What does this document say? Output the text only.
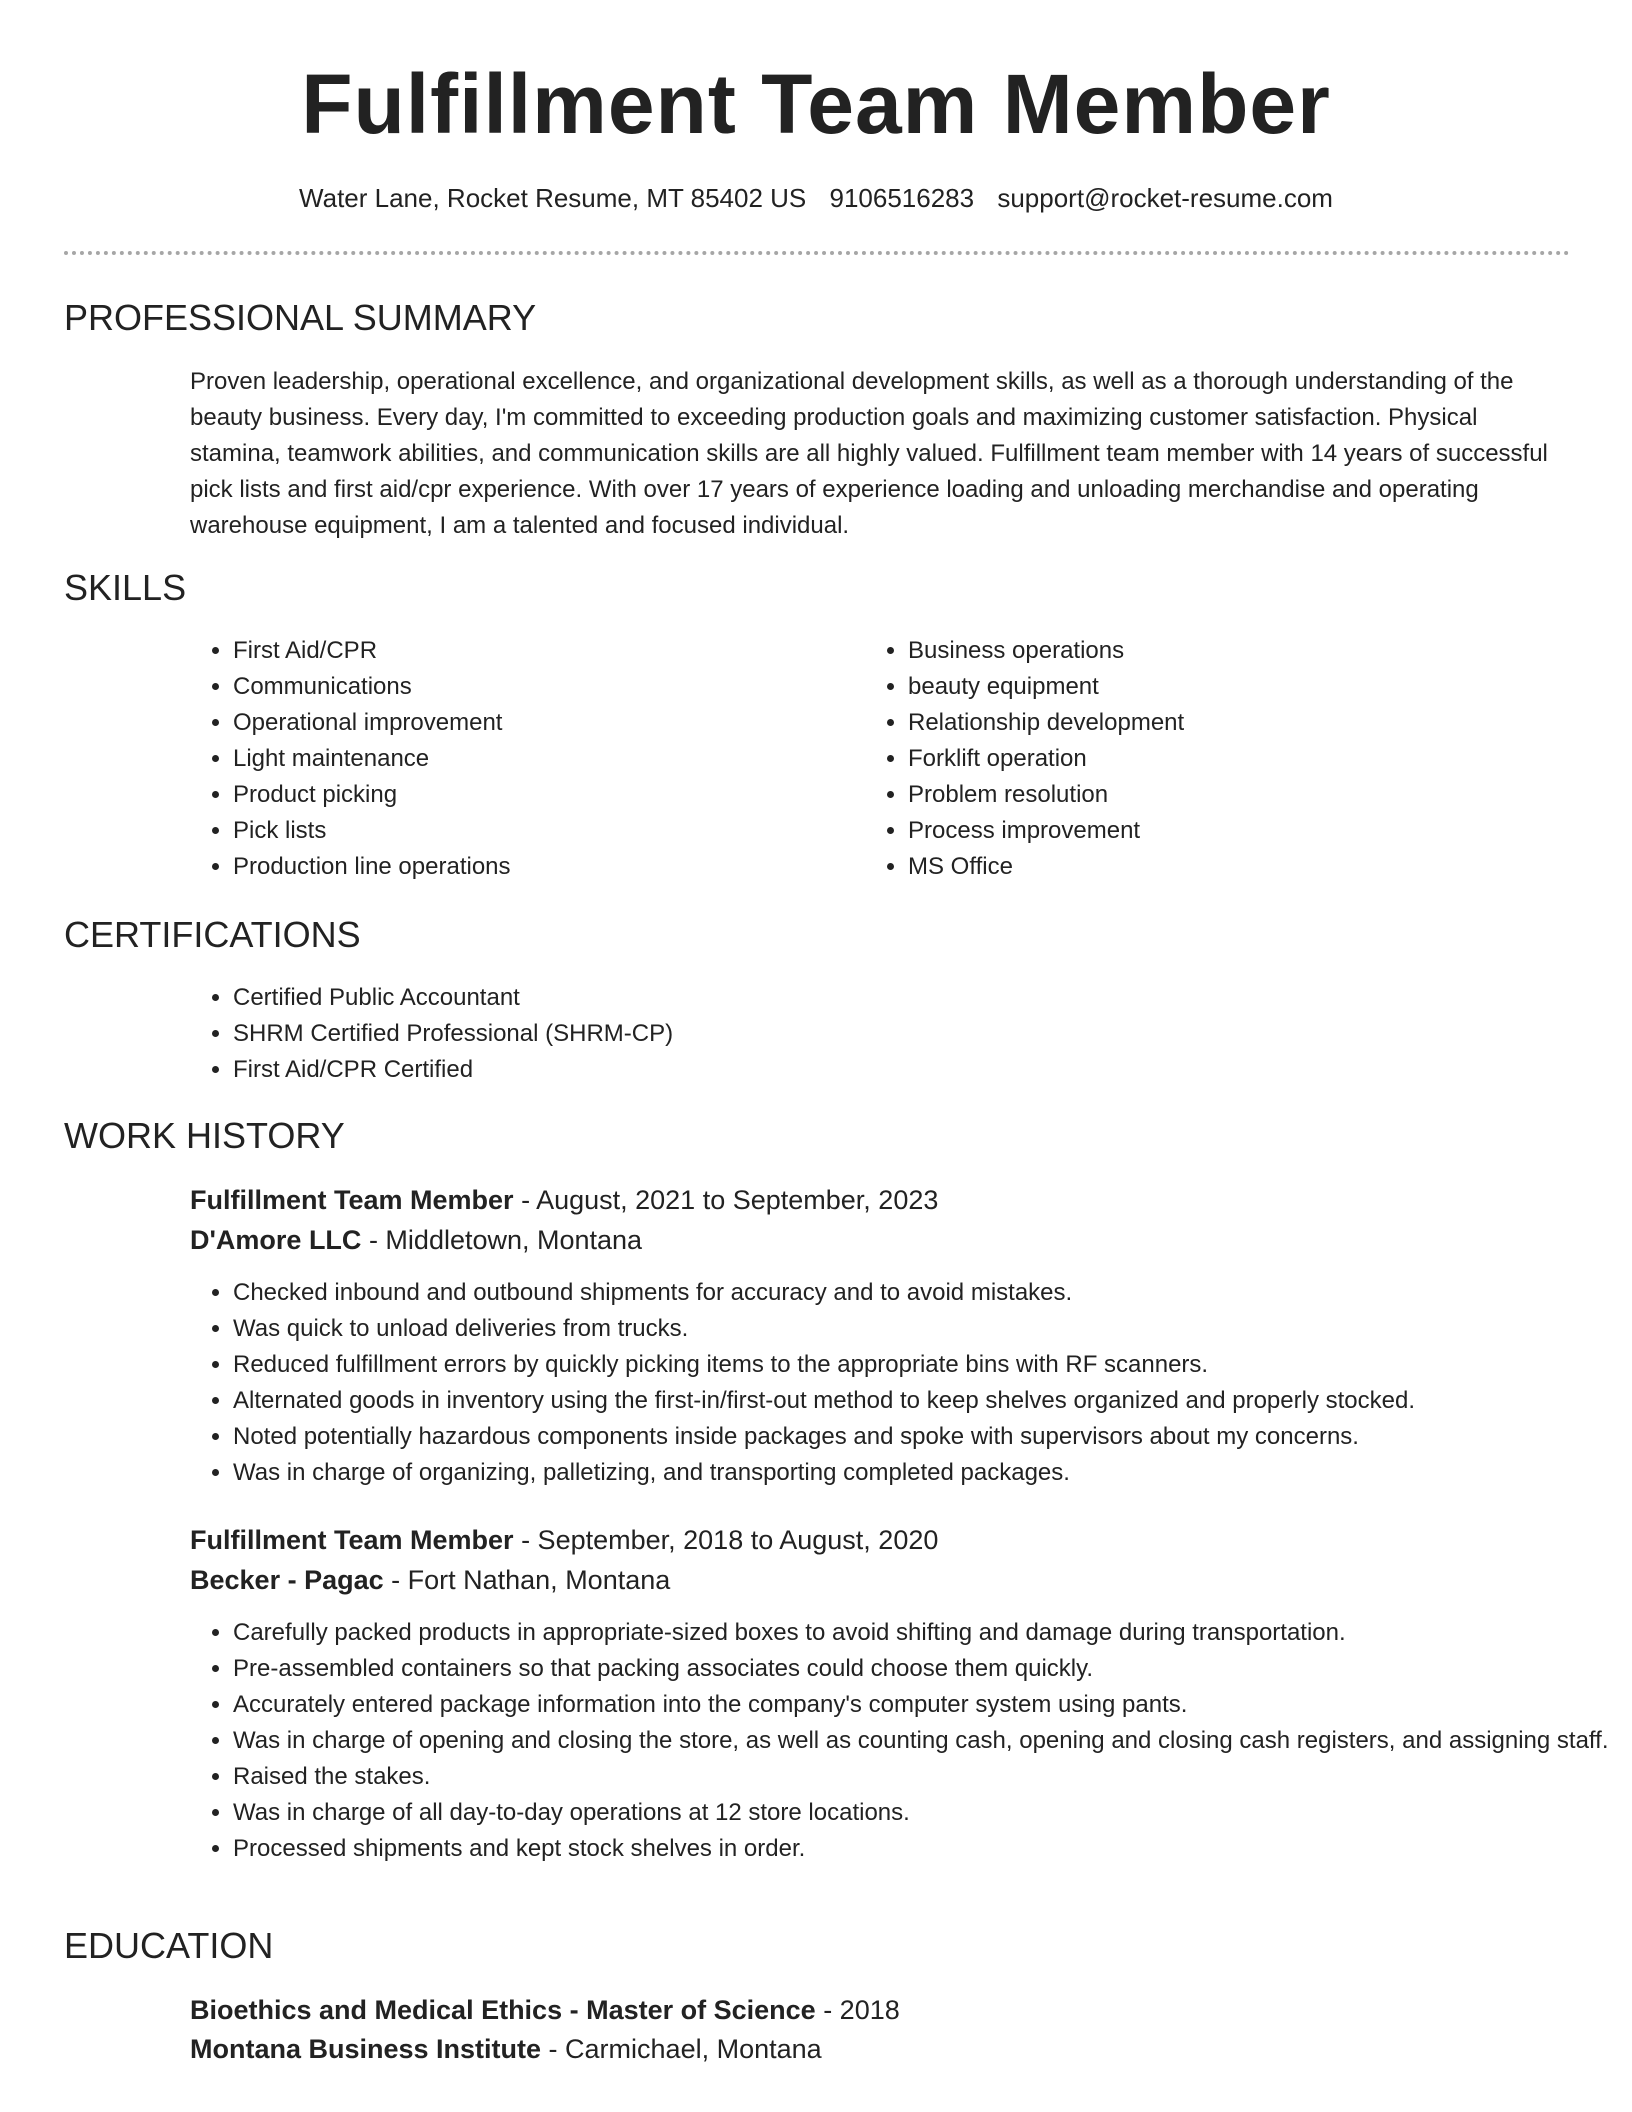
Fulfillment Team Member
Water Lane, Rocket Resume, MT 85402 US 9106516283 support@rocket-resume.com
PROFESSIONAL SUMMARY

Proven leadership, operational excellence, and organizational development skills, as well as a thorough understanding of the beauty business. Every day, I'm committed to exceeding production goals and maximizing customer satisfaction. Physical stamina, teamwork abilities, and communication skills are all highly valued. Fulfillment team member with 14 years of successful pick lists and first aid/cpr experience. With over 17 years of experience loading and unloading merchandise and operating warehouse equipment, I am a talented and focused individual.

SKILLS
• First Aid/CPR
• Communications
• Operational improvement
• Light maintenance
• Product picking
• Pick lists
• Production line operations
• Business operations
• beauty equipment
• Relationship development
• Forklift operation
• Problem resolution
• Process improvement
• MS Office
CERTIFICATIONS
• Certified Public Accountant
• SHRM Certified Professional (SHRM-CP)
• First Aid/CPR Certified
WORK HISTORY

Fulfillment Team Member - August, 2021 to September, 2023

D'Amore LLC - Middletown, Montana

• Checked inbound and outbound shipments for accuracy and to avoid mistakes.
• Was quick to unload deliveries from trucks.
• Reduced fulfillment errors by quickly picking items to the appropriate bins with RF scanners.
• Alternated goods in inventory using the first-in/first-out method to keep shelves organized and properly stocked.
• Noted potentially hazardous components inside packages and spoke with supervisors about my concerns.
• Was in charge of organizing, palletizing, and transporting completed packages.

Fulfillment Team Member - September, 2018 to August, 2020

Becker - Pagac - Fort Nathan, Montana

• Carefully packed products in appropriate-sized boxes to avoid shifting and damage during transportation.
• Pre-assembled containers so that packing associates could choose them quickly.
• Accurately entered package information into the company's computer system using pants.
• Was in charge of opening and closing the store, as well as counting cash, opening and closing cash registers, and assigning staff.
• Raised the stakes.
• Was in charge of all day-to-day operations at 12 store locations.
• Processed shipments and kept stock shelves in order.
EDUCATION

Bioethics and Medical Ethics - Master of Science - 2018

Montana Business Institute - Carmichael, Montana
